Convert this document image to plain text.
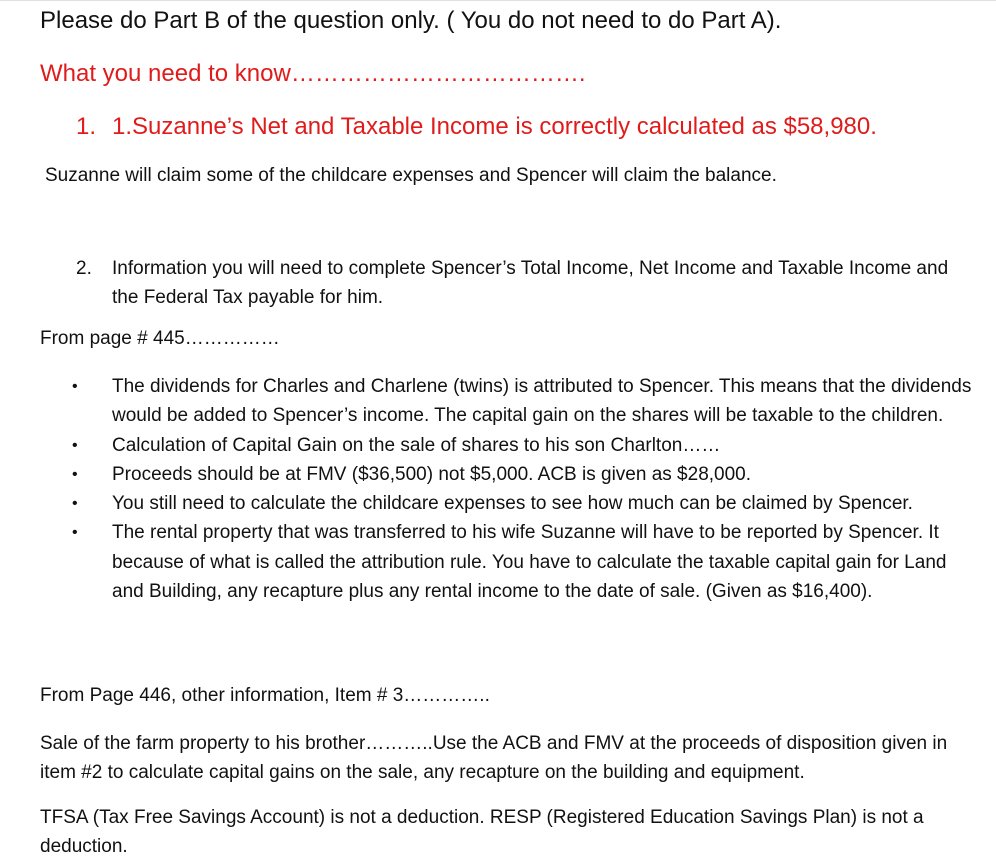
Please do Part B of the question only. ( You do not need to do Part A).
What you need to know……………………………….
1. 1.Suzanne’s Net and Taxable Income is correctly calculated as $58,980.
Suzanne will claim some of the childcare expenses and Spencer will claim the balance.
2. Information you will need to complete Spencer’s Total Income, Net Income and Taxable Income and the Federal Tax payable for him.
From page # 445……………
• The dividends for Charles and Charlene (twins) is attributed to Spencer. This means that the dividends would be added to Spencer’s income. The capital gain on the shares will be taxable to the children.
• Calculation of Capital Gain on the sale of shares to his son Charlton……
• Proceeds should be at FMV ($36,500) not $5,000. ACB is given as $28,000.
• You still need to calculate the childcare expenses to see how much can be claimed by Spencer.
• The rental property that was transferred to his wife Suzanne will have to be reported by Spencer. It because of what is called the attribution rule. You have to calculate the taxable capital gain for Land and Building, any recapture plus any rental income to the date of sale. (Given as $16,400).
From Page 446, other information, Item # 3…………..
Sale of the farm property to his brother………..Use the ACB and FMV at the proceeds of disposition given in item #2 to calculate capital gains on the sale, any recapture on the building and equipment.
TFSA (Tax Free Savings Account) is not a deduction. RESP (Registered Education Savings Plan) is not a deduction.
